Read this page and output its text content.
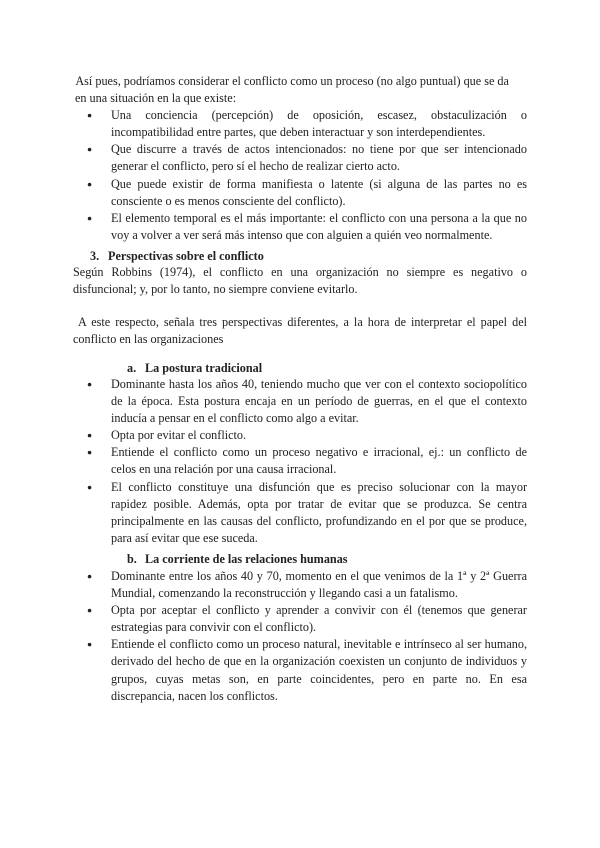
Así pues, podríamos considerar el conflicto como un proceso (no algo puntual) que se da

en una situación en la que existe:

● Una conciencia (percepción) de oposición, escasez, obstaculización o incompatibilidad entre partes, que deben interactuar y son interdependientes.
● Que discurre a través de actos intencionados: no tiene por que ser intencionado generar el conflicto, pero sí el hecho de realizar cierto acto.
● Que puede existir de forma manifiesta o latente (si alguna de las partes no es consciente o es menos consciente del conflicto).
● El elemento temporal es el más importante: el conflicto con una persona a la que no voy a volver a ver será más intenso que con alguien a quién veo normalmente.

3. Perspectivas sobre el conflicto

Según Robbins (1974), el conflicto en una organización no siempre es negativo o disfuncional; y, por lo tanto, no siempre conviene evitarlo.

A este respecto, señala tres perspectivas diferentes, a la hora de interpretar el papel del conflicto en las organizaciones

a. La postura tradicional

● Dominante hasta los años 40, teniendo mucho que ver con el contexto sociopolítico de la época. Esta postura encaja en un período de guerras, en el que el contexto inducía a pensar en el conflicto como algo a evitar.
● Opta por evitar el conflicto.
● Entiende el conflicto como un proceso negativo e irracional, ej.: un conflicto de celos en una relación por una causa irracional.
● El conflicto constituye una disfunción que es preciso solucionar con la mayor rapidez posible. Además, opta por tratar de evitar que se produzca. Se centra principalmente en las causas del conflicto, profundizando en el por que se produce, para así evitar que ese suceda.

b. La corriente de las relaciones humanas

● Dominante entre los años 40 y 70, momento en el que venimos de la 1ª y 2ª Guerra Mundial, comenzando la reconstrucción y llegando casi a un fatalismo.
● Opta por aceptar el conflicto y aprender a convivir con él (tenemos que generar estrategias para convivir con el conflicto).
● Entiende el conflicto como un proceso natural, inevitable e intrínseco al ser humano, derivado del hecho de que en la organización coexisten un conjunto de individuos y grupos, cuyas metas son, en parte coincidentes, pero en parte no. En esa discrepancia, nacen los conflictos.
